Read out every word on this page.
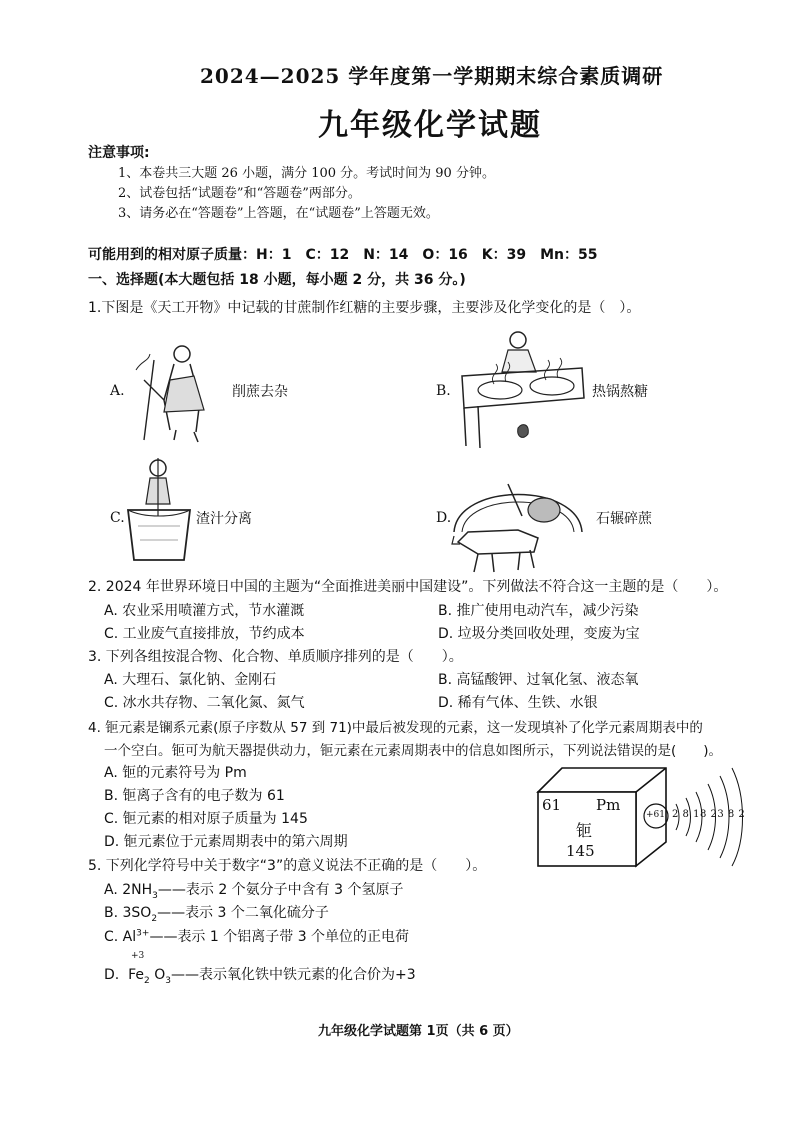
2024—2025 学年度第一学期期末综合素质调研
九年级化学试题
注意事项:
1、本卷共三大题 26 小题，满分 100 分。考试时间为 90 分钟。
2、试卷包括“试题卷”和“答题卷”两部分。
3、请务必在“答题卷”上答题，在“试题卷”上答题无效。
可能用到的相对原子质量：H：1　C：12　N：14　O：16　K：39　Mn：55
一、选择题(本大题包括 18 小题，每小题 2 分，共 36 分。)
1.下图是《天工开物》中记载的甘蔗制作红糖的主要步骤，主要涉及化学变化的是（　）。
A.	削蔗去杂	B.	热锅熬糖
C.	渣汁分离	D.	石辗碎蔗
2. 2024 年世界环境日中国的主题为“全面推进美丽中国建设”。下列做法不符合这一主题的是（　　）。
A. 农业采用喷灌方式，节水灌溉	B. 推广使用电动汽车，减少污染
C. 工业废气直接排放，节约成本	D. 垃圾分类回收处理，变废为宝
3. 下列各组按混合物、化合物、单质顺序排列的是（　　）。
A. 大理石、氯化钠、金刚石	B. 高锰酸钾、过氧化氢、液态氧
C. 冰水共存物、二氧化氮、氮气	D. 稀有气体、生铁、水银
4. 钷元素是镧系元素(原子序数从 57 到 71)中最后被发现的元素，这一发现填补了化学元素周期表中的
一个空白。钷可为航天器提供动力，钷元素在元素周期表中的信息如图所示，下列说法错误的是(　　)。
A. 钷的元素符号为 Pm
B. 钷离子含有的电子数为 61
C. 钷元素的相对原子质量为 145
D. 钷元素位于元素周期表中的第六周期
61 Pm
钷
145
+61 2 8 18 23 8 2
5. 下列化学符号中关于数字“3”的意义说法不正确的是（　　）。
A. $2NH_3——$表示 2 个氨分子中含有 3 个氢原子
B. $3SO_2——$表示 3 个二氧化硫分子
C. $Al^{3+}——$表示 1 个铝离子带 3 个单位的正电荷
+3
D. $Fe_2$ $O_3——$表示氧化铁中铁元素的化合价为+3
九年级化学试题第 1页（共 6 页）
